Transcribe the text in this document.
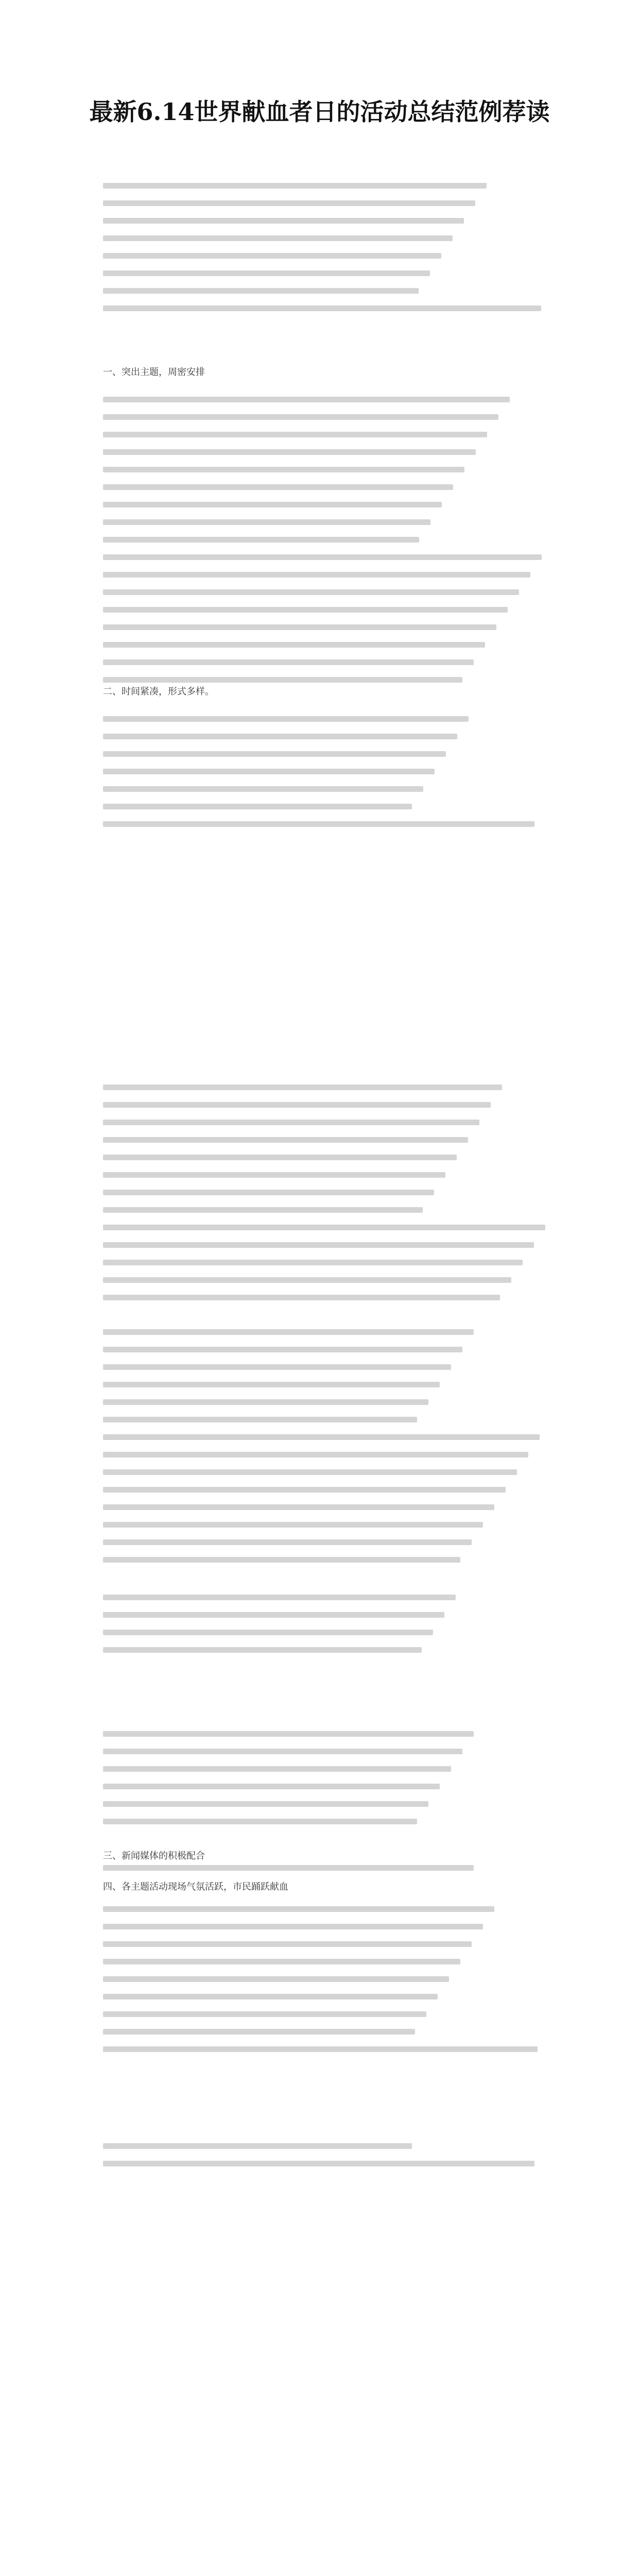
最新6.14世界献血者日的活动总结范例荐读
一、突出主题，周密安排
二、时间紧凑，形式多样。
三、新闻媒体的积极配合
四、各主题活动现场气氛活跃，市民踊跃献血
